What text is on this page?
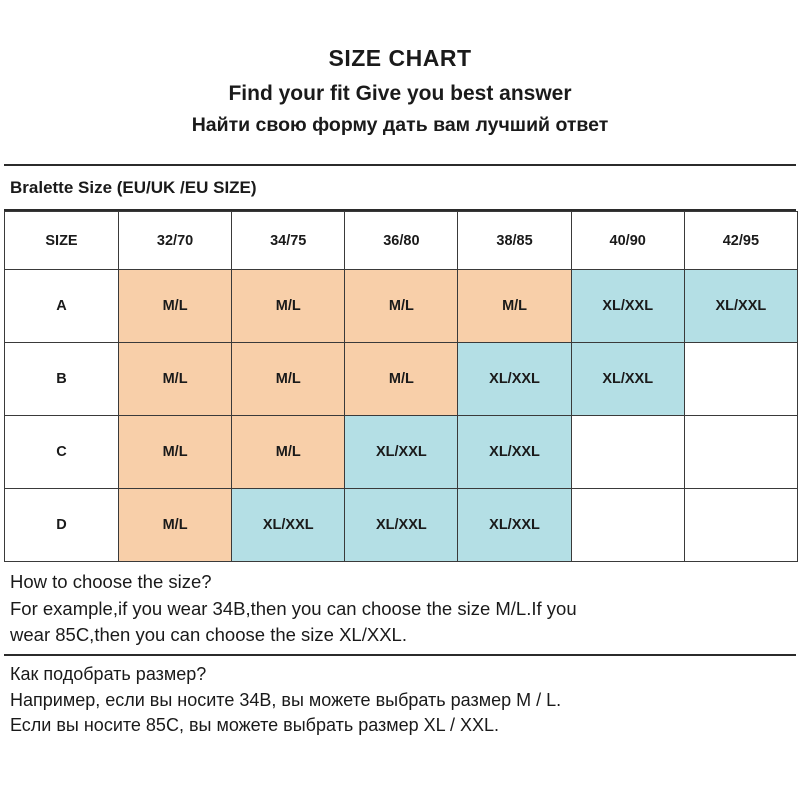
SIZE CHART
Find your fit Give you best answer
Найти свою форму дать вам лучший ответ
Bralette Size (EU/UK /EU SIZE)
SIZE	32/70	34/75	36/80	38/85	40/90	42/95
A	M/L	M/L	M/L	M/L	XL/XXL	XL/XXL
B	M/L	M/L	M/L	XL/XXL	XL/XXL	
C	M/L	M/L	XL/XXL	XL/XXL		
D	M/L	XL/XXL	XL/XXL	XL/XXL		
How to choose the size?
For example,if you wear 34B,then you can choose the size M/L.If you
wear 85C,then you can choose the size XL/XXL.
Как подобрать размер?
Например, если вы носите 34B, вы можете выбрать размер M / L.
Если вы носите 85C, вы можете выбрать размер XL / XXL.
